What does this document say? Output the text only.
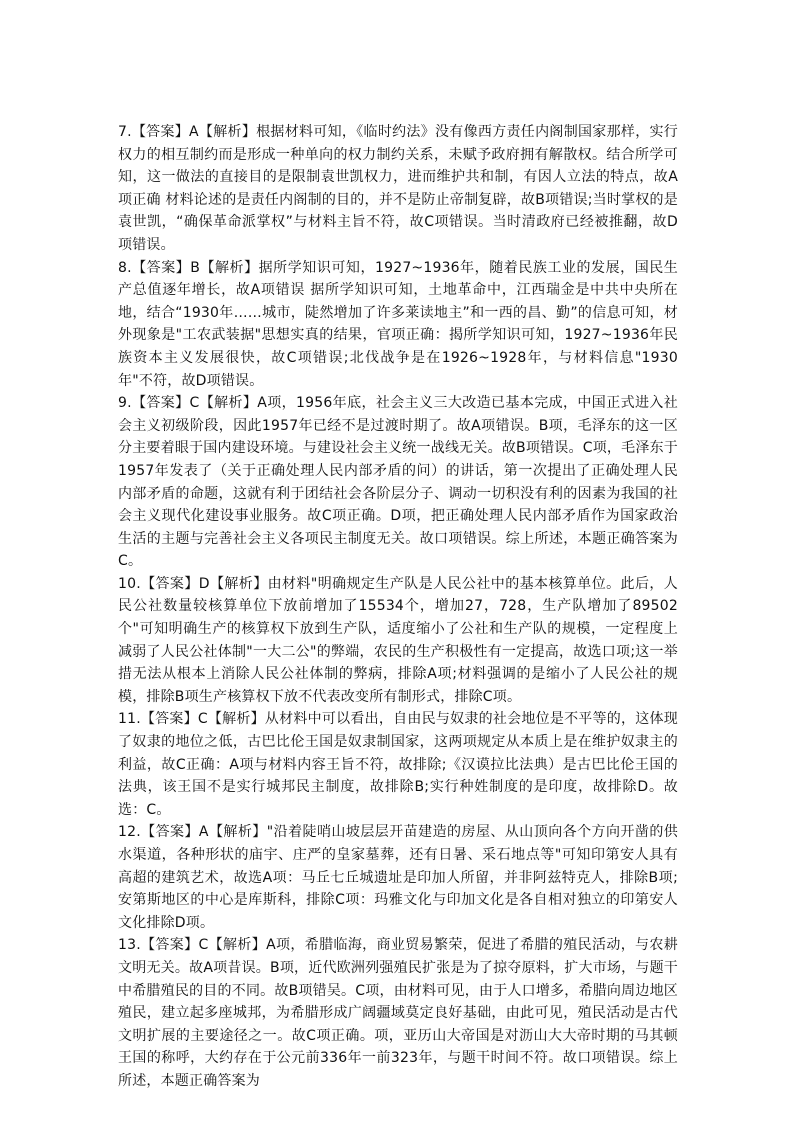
7.【答案】A【解析】根据材料可知，《临时约法》没有像西方责任内阁制国家那样，实行权力的相互制约而是形成一种单向的权力制约关系，未赋予政府拥有解散权。结合所学可知，这一做法的直接目的是限制袁世凯权力，进而维护共和制，有因人立法的特点，故A项正确 材料论述的是责任内阁制的目的，并不是防止帝制复辟，故B项错误;当时掌权的是袁世凯，“确保革命派掌权”与材料主旨不符，故C项错误。当时清政府已经被推翻，故D项错误。

8.【答案】B【解析】据所学知识可知，1927~1936年，随着民族工业的发展，国民生产总值逐年增长，故A项错误 据所学知识可知，土地革命中，江西瑞金是中共中央所在地，结合“1930年……城市，陡然增加了许多莱读地主”和一西的昌、勤”的信息可知，材外现象是"工农武装据"思想实真的结果，官项正确：揭所学知识可知，1927~1936年民族资本主义发展很快，故C项错误;北伐战争是在1926~1928年，与材料信息"1930年"不符，故D项错误。

9.【答案】C【解析】A项，1956年底，社会主义三大改造已基本完成，中国正式进入社会主义初级阶段，因此1957年已经不是过渡时期了。故A项错误。B项，毛泽东的这一区分主要着眼于国内建设环境。与建设社会主义统一战线无关。故B项错误。C项，毛泽东于1957年发表了（关于正确处理人民内部矛盾的问）的讲话，第一次提出了正确处理人民内部矛盾的命题，这就有利于团结社会各阶层分子、调动一切积没有利的因素为我国的社会主义现代化建设事业服务。故C项正确。D项，把正确处理人民内部矛盾作为国家政治生活的主题与完善社会主义各项民主制度无关。故口项错误。综上所述，本题正确答案为C。

10.【答案】D【解析】由材料"明确规定生产队是人民公社中的基本核算单位。此后，人民公社数量较核算单位下放前增加了15534个，增加27，728，生产队增加了89502个"可知明确生产的核算权下放到生产队，适度缩小了公社和生产队的规模，一定程度上减弱了人民公社体制"一大二公"的弊端，农民的生产积极性有一定提高，故选口项;这一举措无法从根本上消除人民公社体制的弊病，排除A项;材料强调的是缩小了人民公社的规模，排除B项生产核算权下放不代表改变所有制形式，排除C项。

11.【答案】C【解析】从材料中可以看出，自由民与奴隶的社会地位是不平等的，这体现了奴隶的地位之低，古巴比伦王国是奴隶制国家，这两项规定从本质上是在维护奴隶主的利益，故C正确：A项与材料内容王旨不符，故排除;《汉谟拉比法典）是古巴比伦王国的法典，该王国不是实行城邦民主制度，故排除B;实行种姓制度的是印度，故排除D。故选：C。

12.【答案】A【解析】"沿着陡哨山坡层层开苗建造的房屋、从山顶向各个方向开凿的供水渠道，各种形状的庙宇、庄严的皇家墓葬，还有日暑、采石地点等"可知印第安人具有高超的建筑艺术，故选A项：马丘七丘城遗址是印加人所留，并非阿兹特克人，排除B项;安第斯地区的中心是库斯科，排除C项：玛雅文化与印加文化是各自相对独立的印第安人文化排除D项。

13.【答案】C【解析】A项，希腊临海，商业贸易繁荣，促进了希腊的殖民活动，与农耕文明无关。故A项昔误。B项，近代欧洲列强殖民扩张是为了掠夺原料，扩大市场，与题干中希腊殖民的目的不同。故B项错吴。C项，由材料可见，由于人口增多，希腊向周边地区殖民，建立起多座城邦，为希腊形成广阔疆域莫定良好基础，由此可见，殖民活动是古代文明扩展的主要途径之一。故C项正确。项，亚历山大帝国是对沥山大大帝时期的马其顿王国的称呼，大约存在于公元前336年一前323年，与题干时间不符。故口项错误。综上所述，本题正确答案为
